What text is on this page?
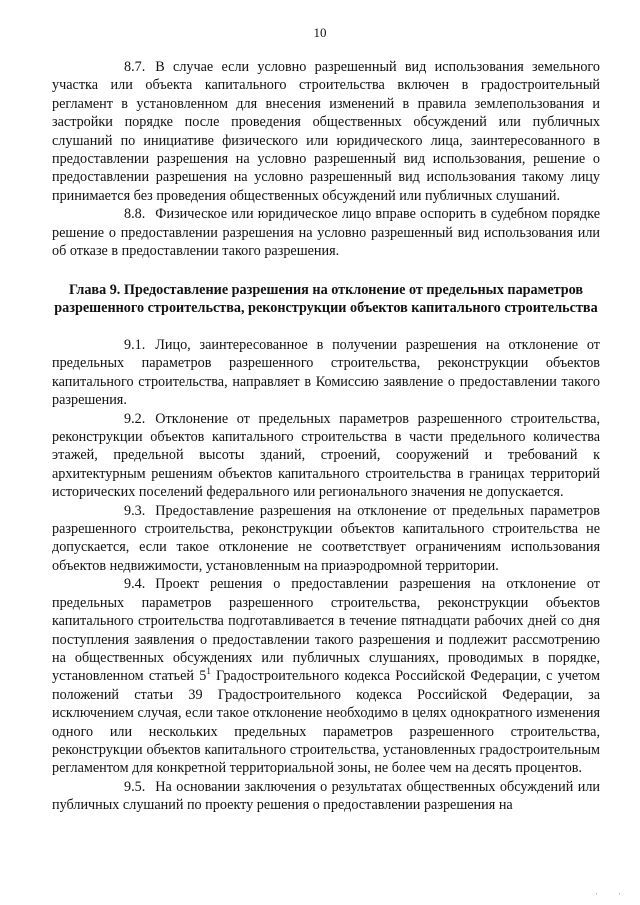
10

8.7. В случае если условно разрешенный вид использования земельного участка или объекта капитального строительства включен в градостроительный регламент в установленном для внесения изменений в правила землепользования и застройки порядке после проведения общественных обсуждений или публичных слушаний по инициативе физического или юридического лица, заинтересованного в предоставлении разрешения на условно разрешенный вид использования, решение о предоставлении разрешения на условно разрешенный вид использования такому лицу принимается без проведения общественных обсуждений или публичных слушаний.

8.8. Физическое или юридическое лицо вправе оспорить в судебном порядке решение о предоставлении разрешения на условно разрешенный вид использования или об отказе в предоставлении такого разрешения.

Глава 9. Предоставление разрешения на отклонение от предельных параметров разрешенного строительства, реконструкции объектов капитального строительства

9.1. Лицо, заинтересованное в получении разрешения на отклонение от предельных параметров разрешенного строительства, реконструкции объектов капитального строительства, направляет в Комиссию заявление о предоставлении такого разрешения.

9.2. Отклонение от предельных параметров разрешенного строительства, реконструкции объектов капитального строительства в части предельного количества этажей, предельной высоты зданий, строений, сооружений и требований к архитектурным решениям объектов капитального строительства в границах территорий исторических поселений федерального или регионального значения не допускается.

9.3. Предоставление разрешения на отклонение от предельных параметров разрешенного строительства, реконструкции объектов капитального строительства не допускается, если такое отклонение не соответствует ограничениям использования объектов недвижимости, установленным на приаэродромной территории.

9.4. Проект решения о предоставлении разрешения на отклонение от предельных параметров разрешенного строительства, реконструкции объектов капитального строительства подготавливается в течение пятнадцати рабочих дней со дня поступления заявления о предоставлении такого разрешения и подлежит рассмотрению на общественных обсуждениях или публичных слушаниях, проводимых в порядке, установленном статьей $5^1$ Градостроительного кодекса Российской Федерации, с учетом положений статьи 39 Градостроительного кодекса Российской Федерации, за исключением случая, если такое отклонение необходимо в целях однократного изменения одного или нескольких предельных параметров разрешенного строительства, реконструкции объектов капитального строительства, установленных градостроительным регламентом для конкретной территориальной зоны, не более чем на десять процентов.

9.5. На основании заключения о результатах общественных обсуждений или публичных слушаний по проекту решения о предоставлении разрешения на

' '
